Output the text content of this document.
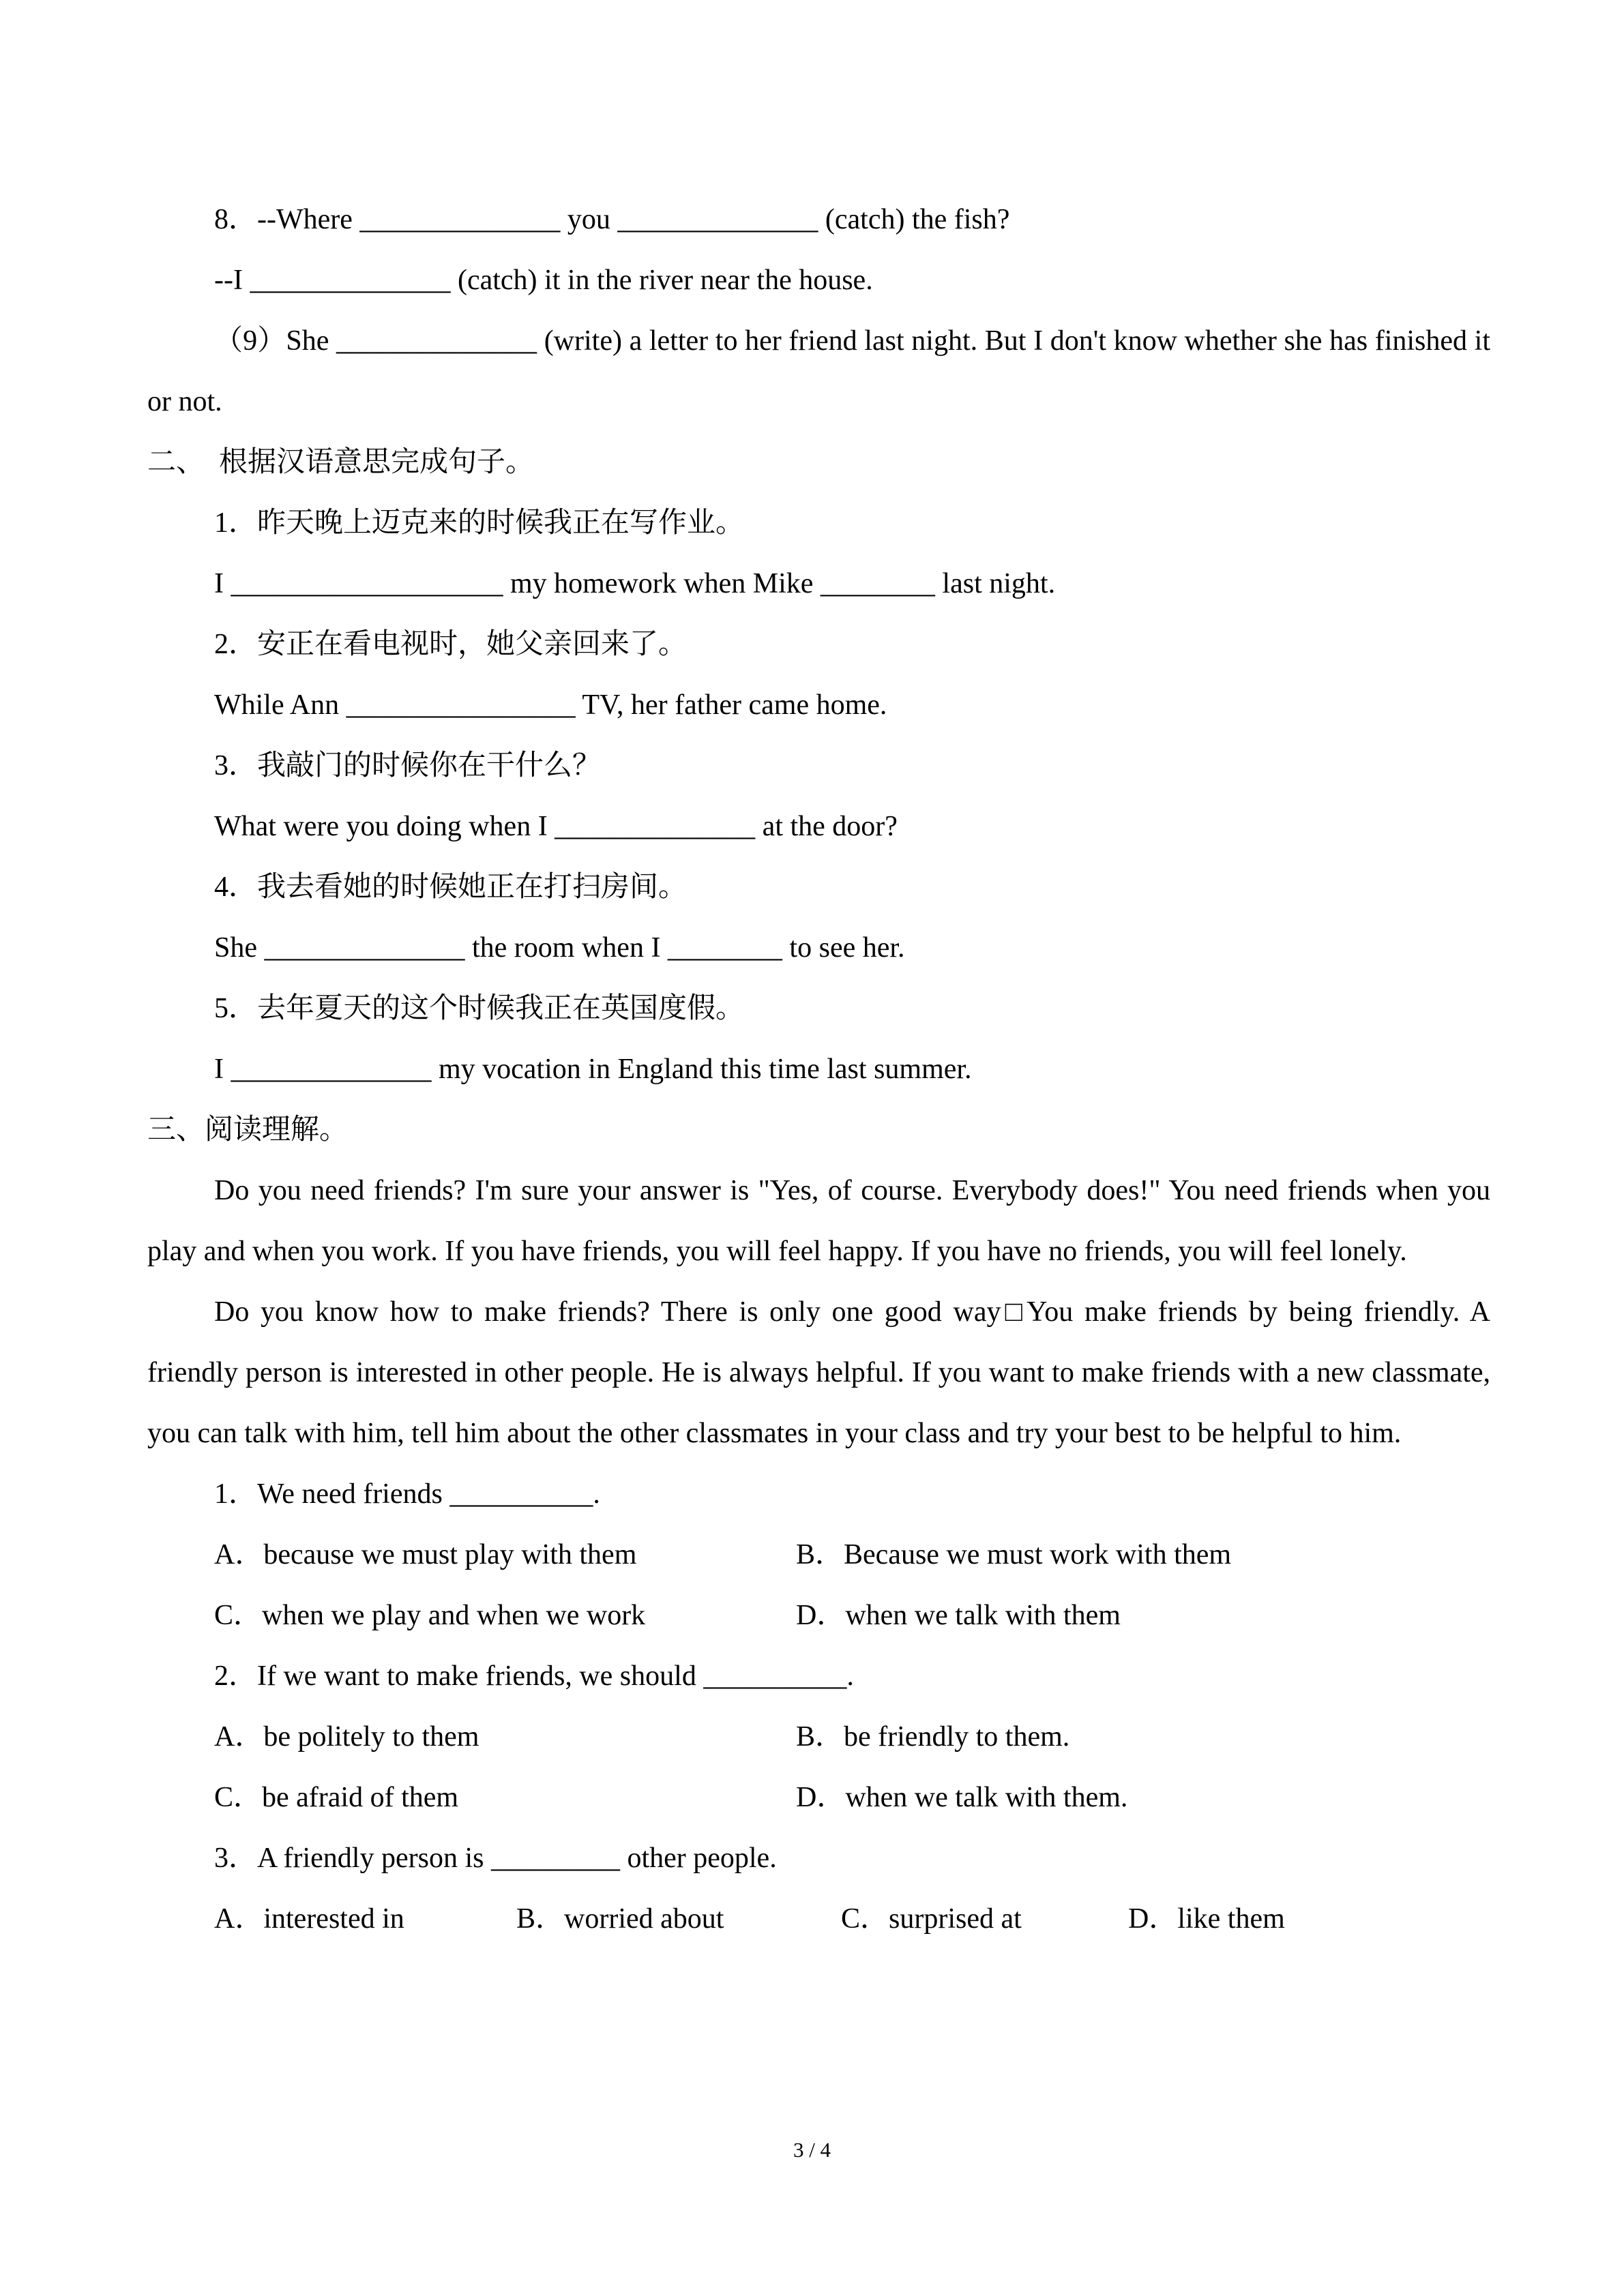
8．--Where ______________ you ______________ (catch) the fish?
--I ______________ (catch) it in the river near the house.
（9）She ______________ (write) a letter to her friend last night. But I don't know whether she has finished it or not.
二、　根据汉语意思完成句子。
1．昨天晚上迈克来的时候我正在写作业。
I ___________________ my homework when Mike ________ last night.
2．安正在看电视时，她父亲回来了。
While Ann ________________ TV, her father came home.
3．我敲门的时候你在干什么？
What were you doing when I ______________ at the door?
4．我去看她的时候她正在打扫房间。
She ______________ the room when I ________ to see her.
5．去年夏天的这个时候我正在英国度假。
I ______________ my vocation in England this time last summer.
三、阅读理解。
Do you need friends? I'm sure your answer is "Yes, of course. Everybody does!" You need friends when you play and when you work. If you have friends, you will feel happy. If you have no friends, you will feel lonely.
Do you know how to make friends? There is only one good way□You make friends by being friendly. A friendly person is interested in other people. He is always helpful. If you want to make friends with a new classmate, you can talk with him, tell him about the other classmates in your class and try your best to be helpful to him.
1．We need friends __________.
A．because we must play with them	B．Because we must work with them
C．when we play and when we work	D．when we talk with them
2．If we want to make friends, we should __________.
A．be politely to them	B．be friendly to them.
C．be afraid of them	D．when we talk with them.
3．A friendly person is _________ other people.
A．interested in	B．worried about	C．surprised at	D．like them
3 / 4
